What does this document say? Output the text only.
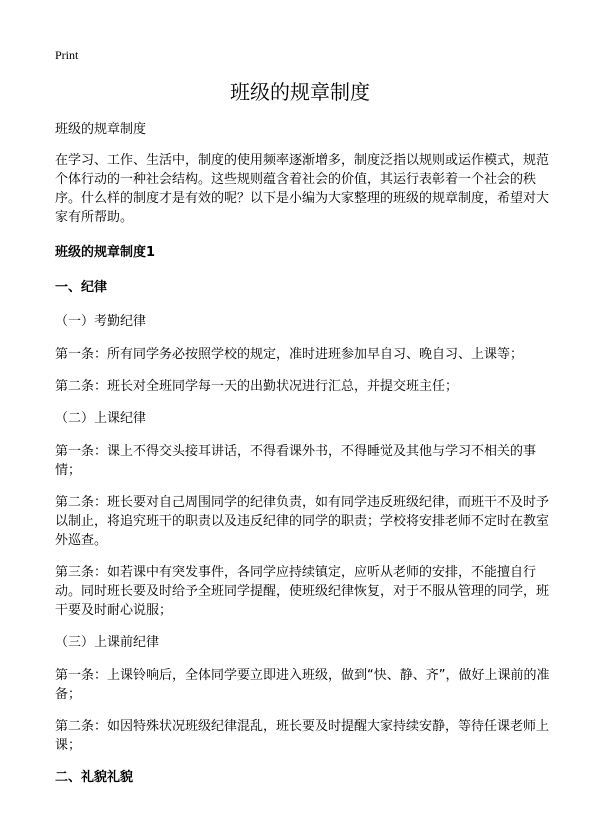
Print
班级的规章制度

班级的规章制度

在学习、工作、生活中，制度的使用频率逐渐增多，制度泛指以规则或运作模式，规范个体行动的一种社会结构。这些规则蕴含着社会的价值，其运行表彰着一个社会的秩序。什么样的制度才是有效的呢？以下是小编为大家整理的班级的规章制度，希望对大家有所帮助。

班级的规章制度1

一、纪律

（一）考勤纪律

第一条：所有同学务必按照学校的规定，准时进班参加早自习、晚自习、上课等；

第二条：班长对全班同学每一天的出勤状况进行汇总，并提交班主任；

（二）上课纪律

第一条：课上不得交头接耳讲话，不得看课外书，不得睡觉及其他与学习不相关的事情；

第二条：班长要对自己周围同学的纪律负责，如有同学违反班级纪律，而班干不及时予以制止，将追究班干的职责以及违反纪律的同学的职责；学校将安排老师不定时在教室外巡查。

第三条：如若课中有突发事件，各同学应持续镇定，应听从老师的安排，不能擅自行动。同时班长要及时给予全班同学提醒，使班级纪律恢复，对于不服从管理的同学，班干要及时耐心说服；

（三）上课前纪律

第一条：上课铃响后，全体同学要立即进入班级，做到“快、静、齐”，做好上课前的准备；

第二条：如因特殊状况班级纪律混乱，班长要及时提醒大家持续安静，等待任课老师上课；

二、礼貌礼貌
